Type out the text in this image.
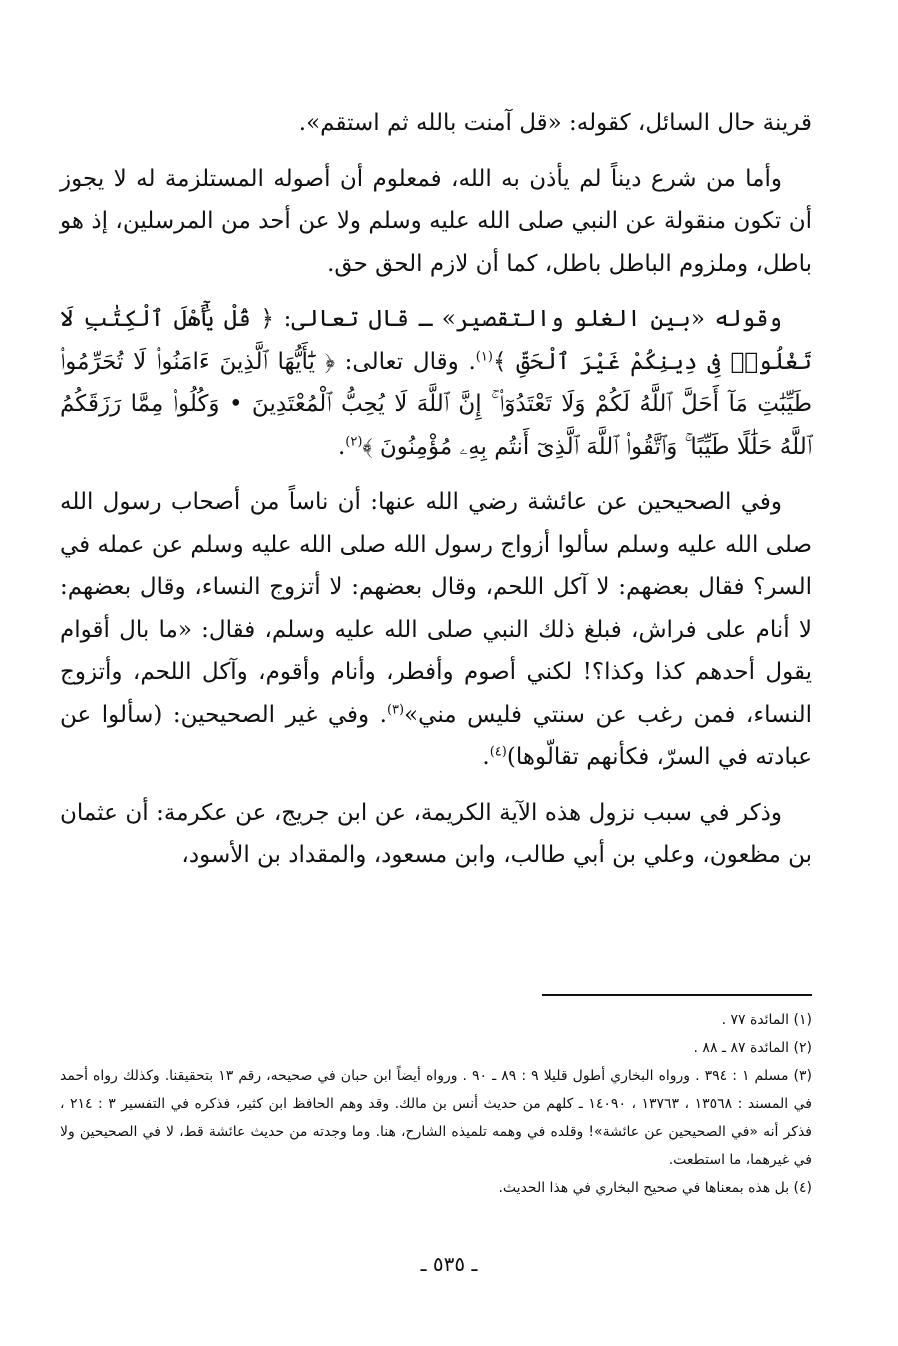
قرينة حال السائل، كقوله: «قل آمنت بالله ثم استقم».

وأما من شرع ديناً لم يأذن به الله، فمعلوم أن أصوله المستلزمة له لا يجوز أن تكون منقولة عن النبي صلى الله عليه وسلم ولا عن أحد من المرسلين، إذ هو باطل، وملزوم الباطل باطل، كما أن لازم الحق حق.

وقوله «بين الغلو والتقصير» ـ قال تعالى: ﴿ قُلْ يَٰٓأَهْلَ ٱلْكِتَٰبِ لَا تَغْلُوا۟ فِى دِينِكُمْ غَيْرَ ٱلْحَقِّ ﴾$^{(١)}$. وقال تعالى: ﴿ يَٰٓأَيُّهَا ٱلَّذِينَ ءَامَنُوا۟ لَا تُحَرِّمُوا۟ طَيِّبَٰتِ مَآ أَحَلَّ ٱللَّهُ لَكُمْ وَلَا تَعْتَدُوٓا۟ ۚ إِنَّ ٱللَّهَ لَا يُحِبُّ ٱلْمُعْتَدِينَ • وَكُلُوا۟ مِمَّا رَزَقَكُمُ ٱللَّهُ حَلَٰلًا طَيِّبًا ۚ وَٱتَّقُوا۟ ٱللَّهَ ٱلَّذِىٓ أَنتُم بِهِۦ مُؤْمِنُونَ ﴾$^{(٢)}$.

وفي الصحيحين عن عائشة رضي الله عنها: أن ناساً من أصحاب رسول الله صلى الله عليه وسلم سألوا أزواج رسول الله صلى الله عليه وسلم عن عمله في السر؟ فقال بعضهم: لا آكل اللحم، وقال بعضهم: لا أتزوج النساء، وقال بعضهم: لا أنام على فراش، فبلغ ذلك النبي صلى الله عليه وسلم، فقال: «ما بال أقوام يقول أحدهم كذا وكذا؟! لكني أصوم وأفطر، وأنام وأقوم، وآكل اللحم، وأتزوج النساء، فمن رغب عن سنتي فليس مني»$^{(٣)}$. وفي غير الصحيحين: (سألوا عن عبادته في السرّ، فكأنهم تقالّوها)$^{(٤)}$.

وذكر في سبب نزول هذه الآية الكريمة، عن ابن جريج، عن عكرمة: أن عثمان بن مظعون، وعلي بن أبي طالب، وابن مسعود، والمقداد بن الأسود،

(١) المائدة ٧٧ .

(٢) المائدة ٨٧ ـ ٨٨ .

(٣) مسلم ١ : ٣٩٤ . ورواه البخاري أطول قليلا ٩ : ٨٩ ـ ٩٠ . ورواه أيضاً ابن حبان في صحيحه، رقم ١٣ بتحقيقنا. وكذلك رواه أحمد في المسند : ١٣٥٦٨ ، ١٣٧٦٣ ، ١٤٠٩٠ ـ كلهم من حديث أنس بن مالك. وقد وهم الحافظ ابن كثير، فذكره في التفسير ٣ : ٢١٤ ، فذكر أنه «في الصحيحين عن عائشة»! وقلده في وهمه تلميذه الشارح، هنا. وما وجدته من حديث عائشة قط، لا في الصحيحين ولا في غيرهما، ما استطعت.

(٤) بل هذه بمعناها في صحيح البخاري في هذا الحديث.

ـ ٥٣٥ ـ
